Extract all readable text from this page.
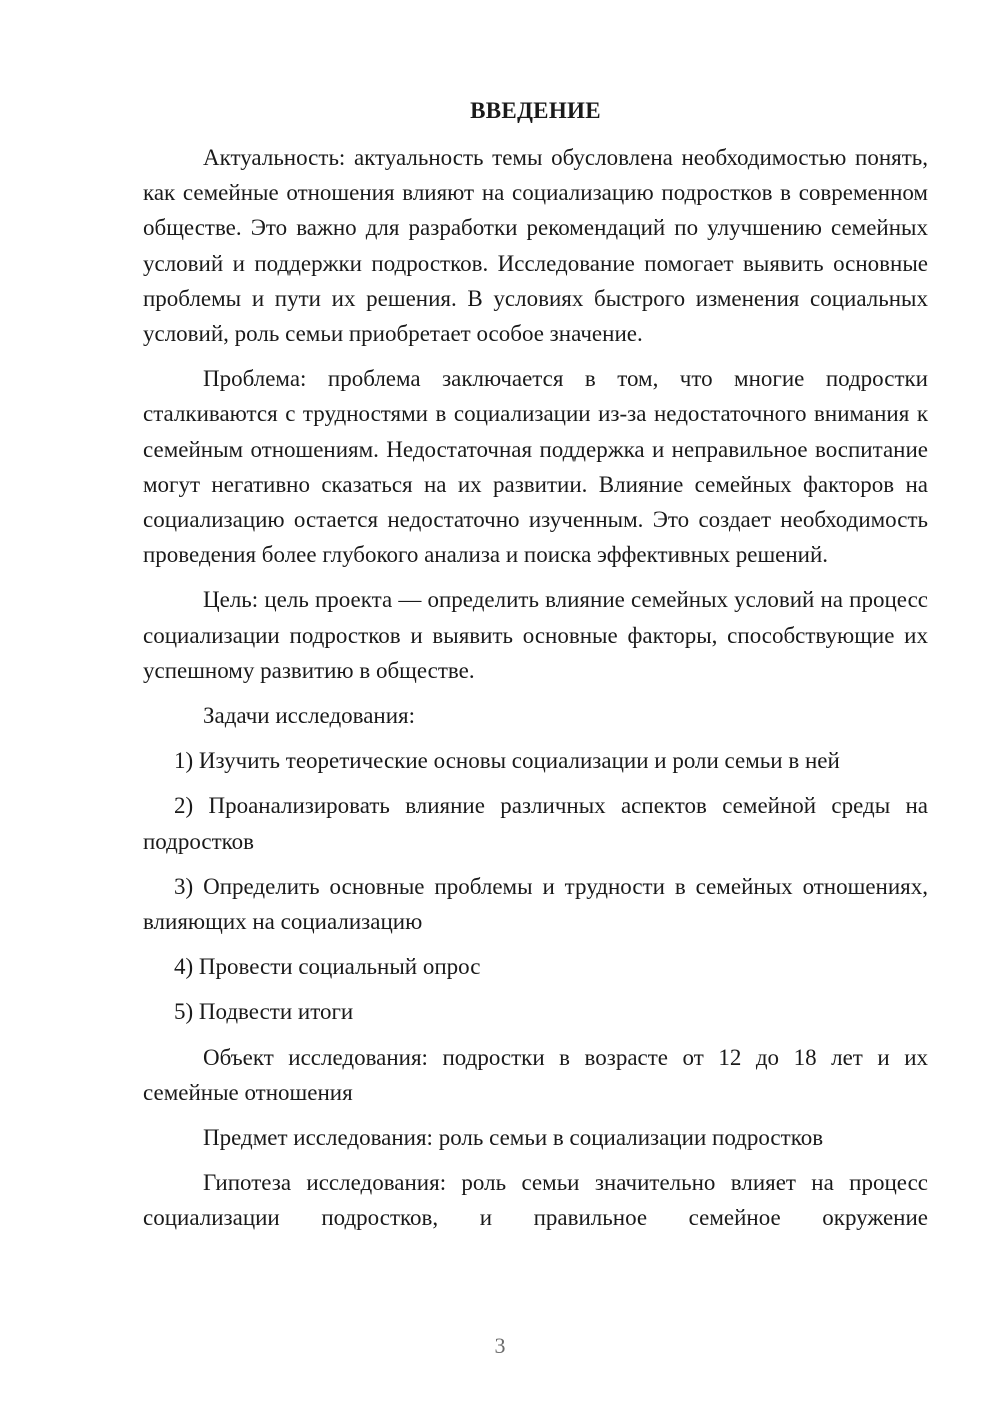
ВВЕДЕНИЕ

Актуальность: актуальность темы обусловлена необходимостью понять, как семейные отношения влияют на социализацию подростков в современном обществе. Это важно для разработки рекомендаций по улучшению семейных условий и поддержки подростков. Исследование помогает выявить основные проблемы и пути их решения. В условиях быстрого изменения социальных условий, роль семьи приобретает особое значение.

Проблема: проблема заключается в том, что многие подростки сталкиваются с трудностями в социализации из-за недостаточного внимания к семейным отношениям. Недостаточная поддержка и неправильное воспитание могут негативно сказаться на их развитии. Влияние семейных факторов на социализацию остается недостаточно изученным. Это создает необходимость проведения более глубокого анализа и поиска эффективных решений.

Цель: цель проекта — определить влияние семейных условий на процесс социализации подростков и выявить основные факторы, способствующие их успешному развитию в обществе.

Задачи исследования:

1) Изучить теоретические основы социализации и роли семьи в ней

2) Проанализировать влияние различных аспектов семейной среды на подростков

3) Определить основные проблемы и трудности в семейных отношениях, влияющих на социализацию

4) Провести социальный опрос

5) Подвести итоги

Объект исследования: подростки в возрасте от 12 до 18 лет и их семейные отношения

Предмет исследования: роль семьи в социализации подростков

Гипотеза исследования: роль семьи значительно влияет на процесс социализации подростков, и правильное семейное окружение

3
